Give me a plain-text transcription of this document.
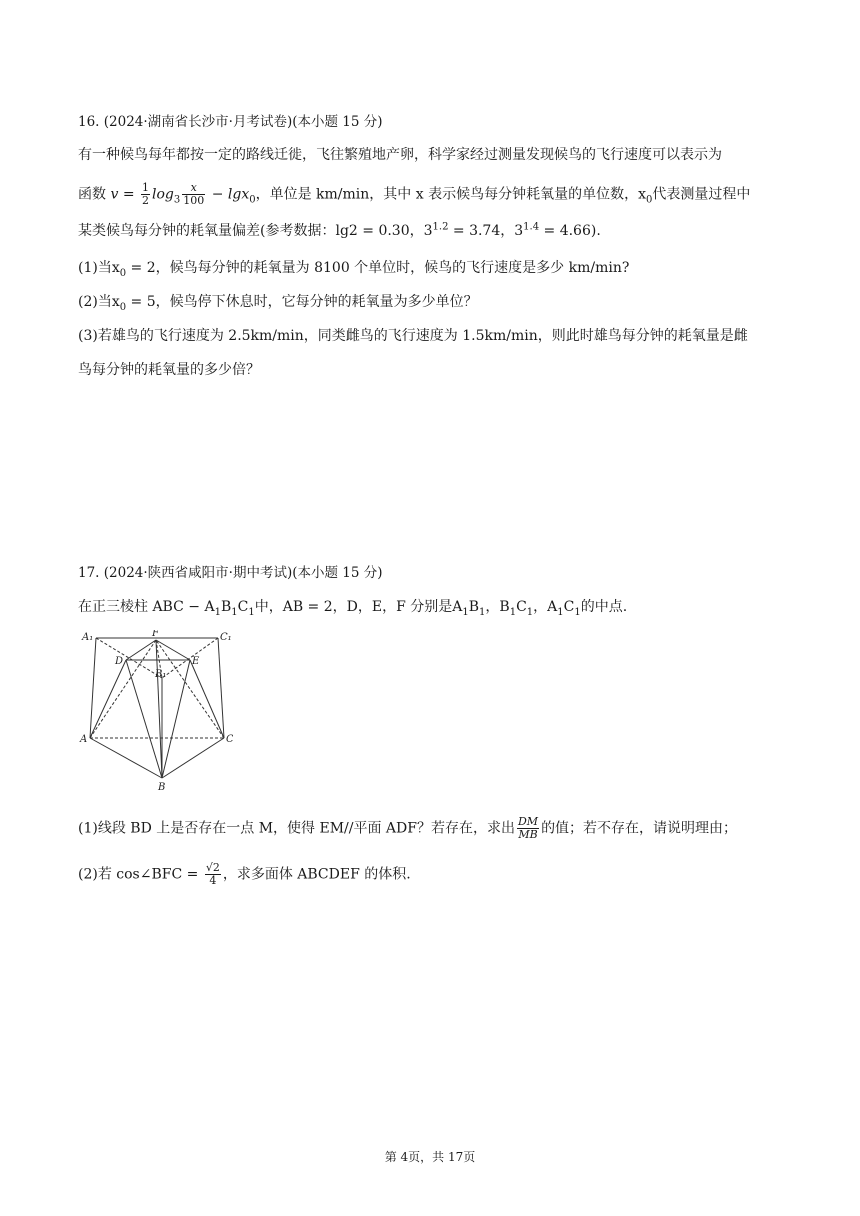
16. (2024·湖南省长沙市·月考试卷)(本小题 15 分)
有一种候鸟每年都按一定的路线迁徙，飞往繁殖地产卵，科学家经过测量发现候鸟的飞行速度可以表示为
函数 $v = \frac{1}{2} \log_3 \frac{x}{100} - \lg x_0$，单位是 km/min，其中 x 表示候鸟每分钟耗氧量的单位数，$x_0$代表测量过程中
某类候鸟每分钟的耗氧量偏差(参考数据：lg2 = 0.30，$3^{1.2} = 3.74$，$3^{1.4} = 4.66$).
(1)当$x_0 = 2$，候鸟每分钟的耗氧量为 8100 个单位时，候鸟的飞行速度是多少 km/min?
(2)当$x_0 = 5$，候鸟停下休息时，它每分钟的耗氧量为多少单位？
(3)若雄鸟的飞行速度为 2.5km/min，同类雌鸟的飞行速度为 1.5km/min，则此时雄鸟每分钟的耗氧量是雌
鸟每分钟的耗氧量的多少倍？
17. (2024·陕西省咸阳市·期中考试)(本小题 15 分)
在正三棱柱 ABC − $A_1B_1C_1$中，AB = 2，D，E，F 分别是$A_1B_1$，$B_1C_1$，$A_1C_1$的中点.
A₁	F	C₁
D	E
B₁
A	C
B
(1)线段 BD 上是否存在一点 M，使得 EM//平面 ADF？若存在，求出 $\frac{DM}{MB}$ 的值；若不存在，请说明理由；
(2)若 cos∠BFC = $\frac{√2}{4}$ ，求多面体 ABCDEF 的体积.
第 4页，共 17页
